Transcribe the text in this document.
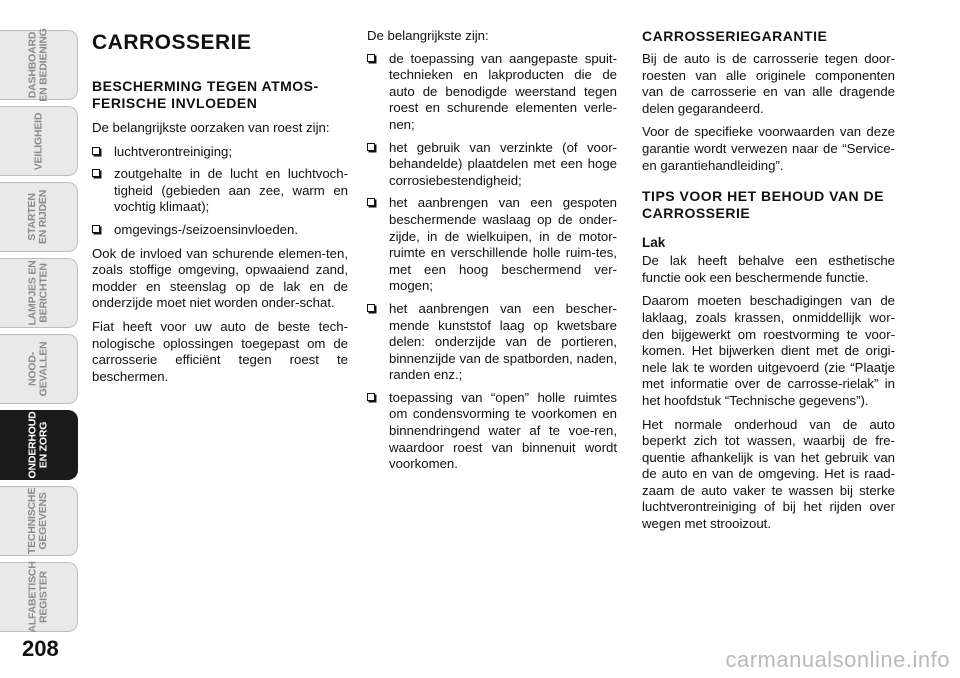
DASHBOARD
EN BEDIENING
VEILIGHEID
STARTEN
EN RIJDEN
LAMPJES EN
BERICHTEN
NOOD-
GEVALLEN
ONDERHOUD
EN ZORG
TECHNISCHE
GEGEVENS
ALFABETISCH
REGISTER
208
CARROSSERIE
BESCHERMING TEGEN ATMOS-FERISCHE INVLOEDEN

De belangrijkste oorzaken van roest zijn:

luchtverontreiniging;
zoutgehalte in de lucht en luchtvoch-tigheid (gebieden aan zee, warm en vochtig klimaat);
omgevings-/seizoensinvloeden.

Ook de invloed van schurende elemen-ten, zoals stoffige omgeving, opwaaiend zand, modder en steenslag op de lak en de onderzijde moet niet worden onder-schat.

Fiat heeft voor uw auto de beste tech-nologische oplossingen toegepast om de carrosserie efficiënt tegen roest te beschermen.

De belangrijkste zijn:

de toepassing van aangepaste spuit-technieken en lakproducten die de auto de benodigde weerstand tegen roest en schurende elementen verle-nen;
het gebruik van verzinkte (of voor-behandelde) plaatdelen met een hoge corrosiebestendigheid;
het aanbrengen van een gespoten beschermende waslaag op de onder-zijde, in de wielkuipen, in de motor-ruimte en verschillende holle ruim-tes, met een hoog beschermend ver-mogen;
het aanbrengen van een bescher-mende kunststof laag op kwetsbare delen: onderzijde van de portieren, binnenzijde van de spatborden, naden, randen enz.;
toepassing van “open” holle ruimtes om condensvorming te voorkomen en binnendringend water af te voe-ren, waardoor roest van binnenuit wordt voorkomen.
CARROSSERIEGARANTIE

Bij de auto is de carrosserie tegen door-roesten van alle originele componenten van de carrosserie en van alle dragende delen gegarandeerd.

Voor de specifieke voorwaarden van deze garantie wordt verwezen naar de “Service- en garantiehandleiding”.

TIPS VOOR HET BEHOUD VAN DE CARROSSERIE
Lak

De lak heeft behalve een esthetische functie ook een beschermende functie.

Daarom moeten beschadigingen van de laklaag, zoals krassen, onmiddellijk wor-den bijgewerkt om roestvorming te voor-komen. Het bijwerken dient met de origi-nele lak te worden uitgevoerd (zie “Plaatje met informatie over de carrosse-rielak” in het hoofdstuk “Technische gegevens”).

Het normale onderhoud van de auto beperkt zich tot wassen, waarbij de fre-quentie afhankelijk is van het gebruik van de auto en van de omgeving. Het is raad-zaam de auto vaker te wassen bij sterke luchtverontreiniging of bij het rijden over wegen met strooizout.

carmanualsonline.info
